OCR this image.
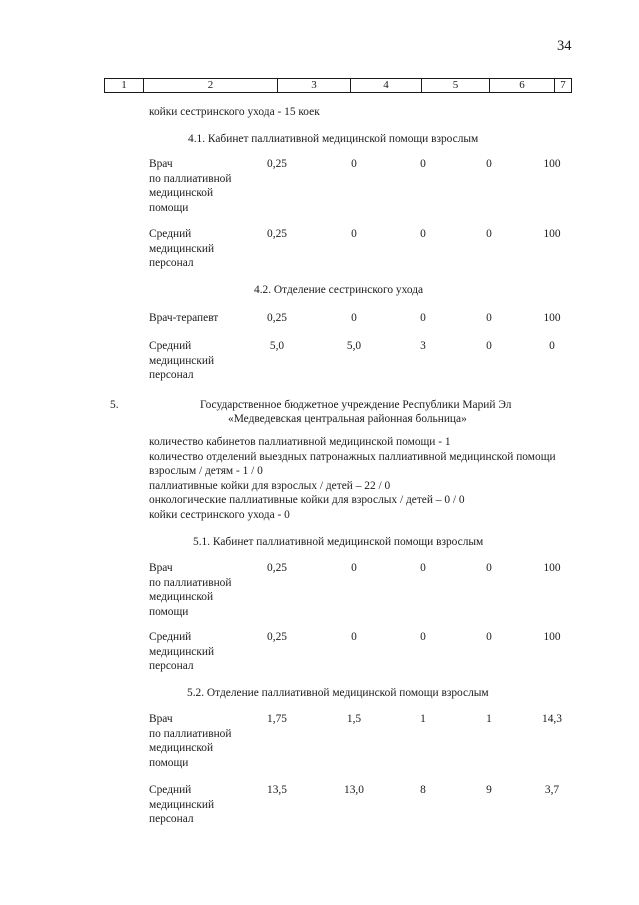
34
1	2	3	4	5	6	7
койки сестринского ухода - 15 коек
4.1. Кабинет паллиативной медицинской помощи взрослым
Врач
по паллиативной
медицинской
помощи
0,25	0	0	0	100
Средний
медицинский
персонал
0,25	0	0	0	100
4.2. Отделение сестринского ухода
Врач-терапевт	0,25	0	0	0	100
Средний
медицинский
персонал
5,0	5,0	3	0	0
5.	Государственное бюджетное учреждение Республики Марий Эл
«Медведевская центральная районная больница»
количество кабинетов паллиативной медицинской помощи - 1
количество отделений выездных патронажных паллиативной медицинской помощи
взрослым / детям - 1 / 0
паллиативные койки для взрослых / детей – 22 / 0
онкологические паллиативные койки для взрослых / детей – 0 / 0
койки сестринского ухода - 0
5.1. Кабинет паллиативной медицинской помощи взрослым
Врач
по паллиативной
медицинской
помощи
0,25	0	0	0	100
Средний
медицинский
персонал
0,25	0	0	0	100
5.2. Отделение паллиативной медицинской помощи взрослым
Врач
по паллиативной
медицинской
помощи
1,75	1,5	1	1	14,3
Средний
медицинский
персонал
13,5	13,0	8	9	3,7
